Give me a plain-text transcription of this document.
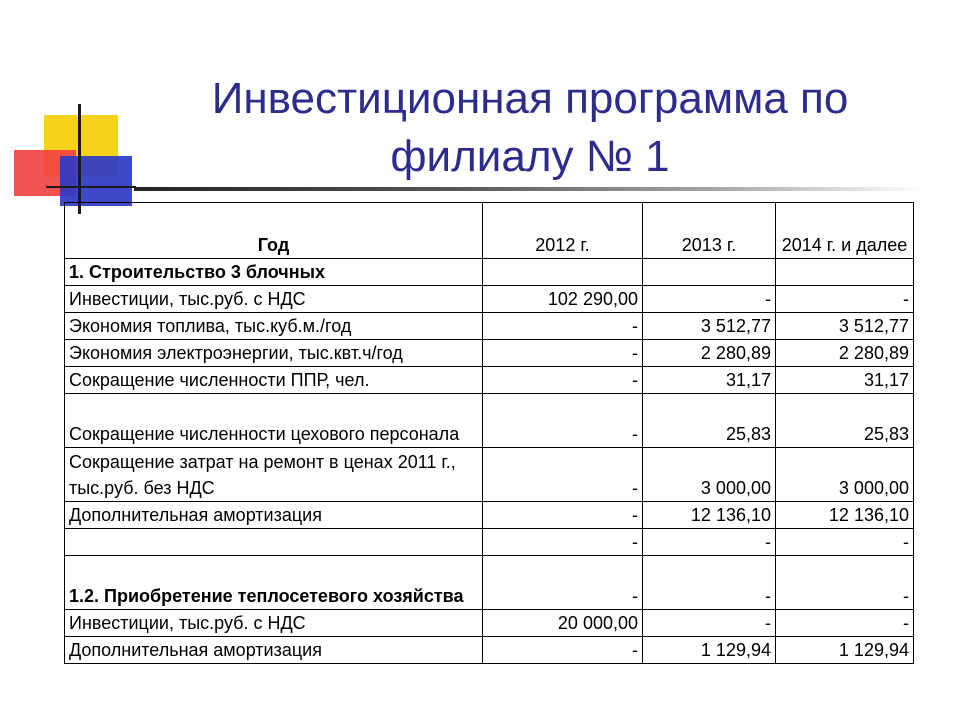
Инвестиционная программа по
филиалу № 1
Год	2012 г.	2013 г.	2014 г. и далее
1. Строительство 3 блочных			
Инвестиции, тыс.руб. с НДС	102 290,00	-	-
Экономия топлива, тыс.куб.м./год	-	3 512,77	3 512,77
Экономия электроэнергии, тыс.квт.ч/год	-	2 280,89	2 280,89
Сокращение численности ППР, чел.	-	31,17	31,17
Сокращение численности цехового персонала	-	25,83	25,83
Сокращение затрат на ремонт в ценах 2011 г., тыс.руб. без НДС	-	3 000,00	3 000,00
Дополнительная амортизация	-	12 136,10	12 136,10
	-	-	-
1.2. Приобретение теплосетевого хозяйства	-	-	-
Инвестиции, тыс.руб. с НДС	20 000,00	-	-
Дополнительная амортизация	-	1 129,94	1 129,94
